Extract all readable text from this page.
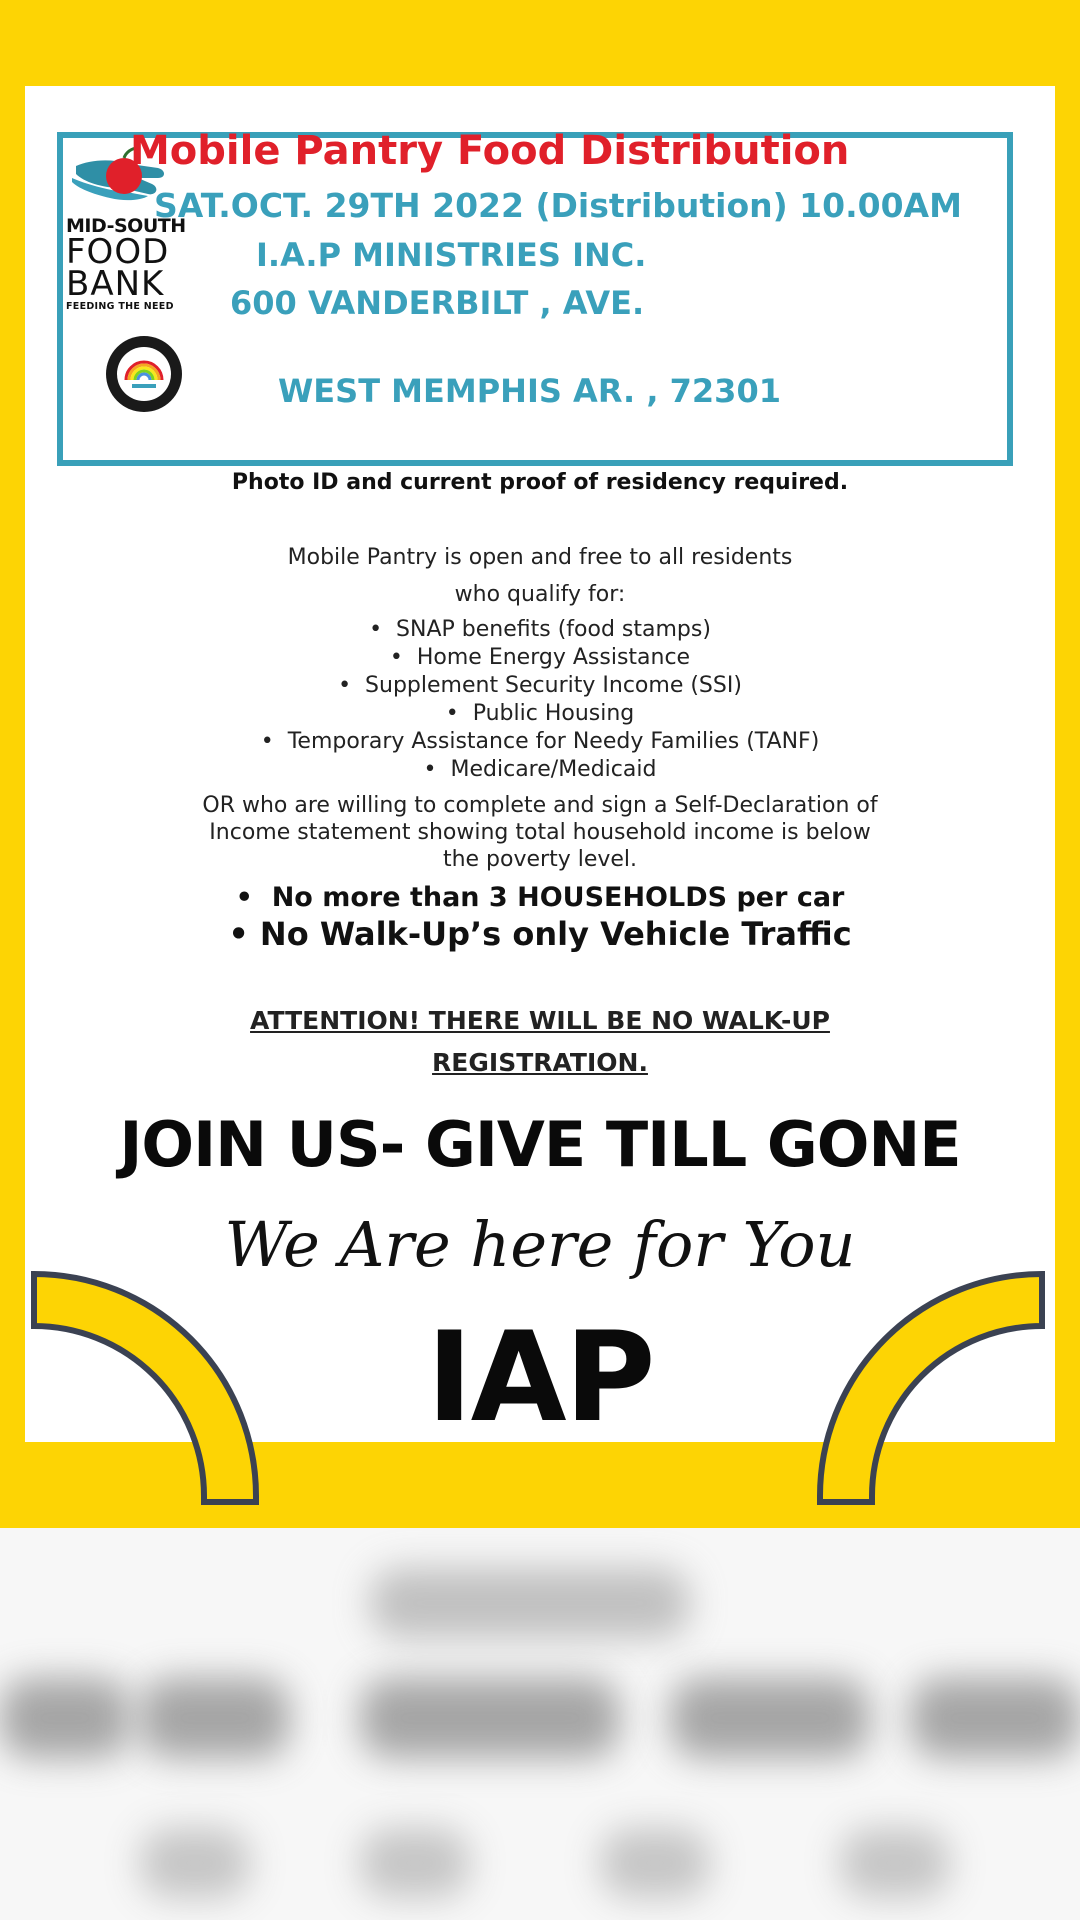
MID-SOUTH
FOOD
BANK
FEEDING THE NEED
Mobile Pantry Food Distribution
SAT.OCT. 29TH 2022 (Distribution) 10.00AM
I.A.P MINISTRIES INC.
600 VANDERBILT , AVE.
WEST MEMPHIS AR. , 72301
Photo ID and current proof of residency required.
Mobile Pantry is open and free to all residents
who qualify for:
• SNAP benefits (food stamps)
• Home Energy Assistance
• Supplement Security Income (SSI)
• Public Housing
• Temporary Assistance for Needy Families (TANF)
• Medicare/Medicaid
OR who are willing to complete and sign a Self-Declaration of
Income statement showing total household income is below
the poverty level.
•  No more than 3 HOUSEHOLDS per car
• No Walk-Up’s only Vehicle Traffic
ATTENTION! THERE WILL BE NO WALK-UP
REGISTRATION.
JOIN US- GIVE TILL GONE
We Are here for You
IAP
